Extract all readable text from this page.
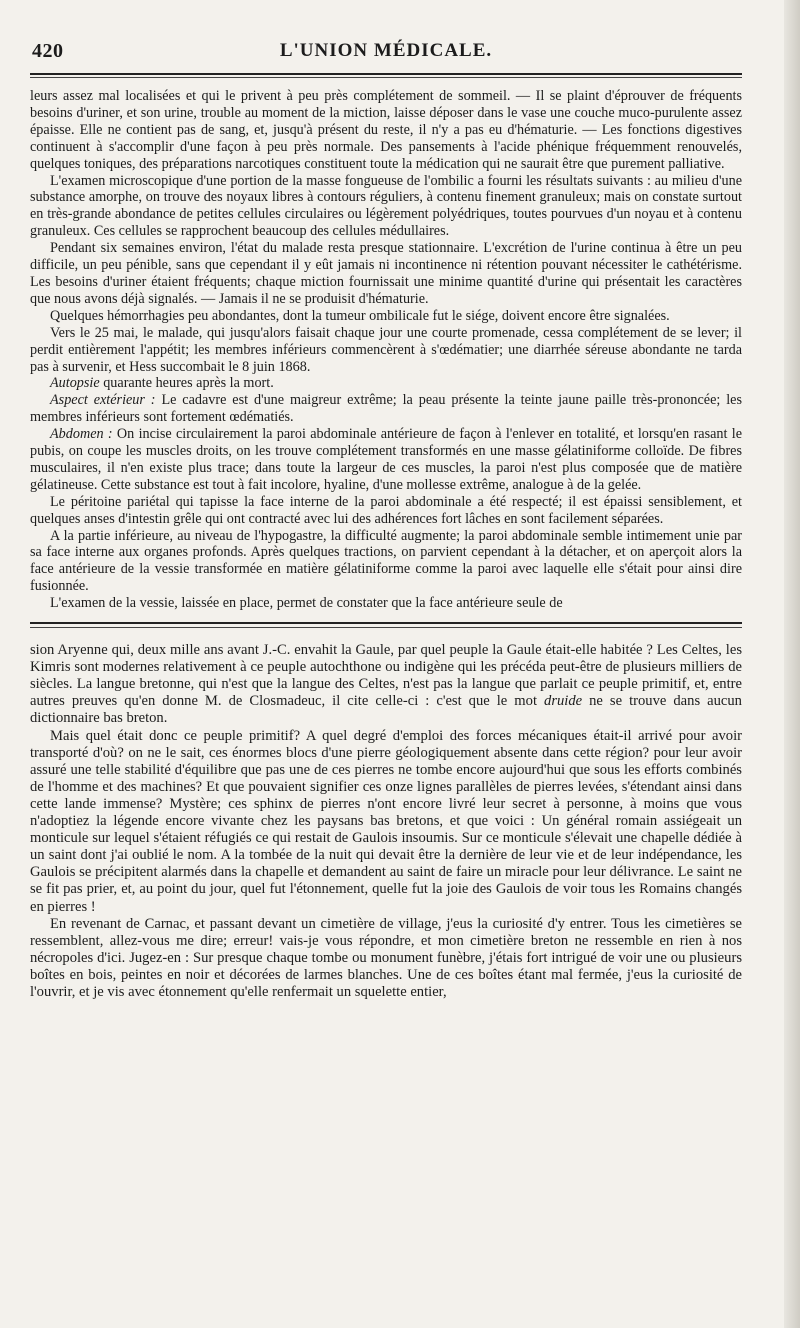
420	L'UNION MÉDICALE.

leurs assez mal localisées et qui le privent à peu près complétement de sommeil. — Il se plaint d'éprouver de fréquents besoins d'uriner, et son urine, trouble au moment de la miction, laisse déposer dans le vase une couche muco-purulente assez épaisse. Elle ne contient pas de sang, et, jusqu'à présent du reste, il n'y a pas eu d'hématurie. — Les fonctions digestives continuent à s'accomplir d'une façon à peu près normale. Des pansements à l'acide phénique fréquemment renouvelés, quelques toniques, des préparations narcotiques constituent toute la médication qui ne saurait être que purement palliative.

L'examen microscopique d'une portion de la masse fongueuse de l'ombilic a fourni les résultats suivants : au milieu d'une substance amorphe, on trouve des noyaux libres à contours réguliers, à contenu finement granuleux; mais on constate surtout en très-grande abondance de petites cellules circulaires ou légèrement polyédriques, toutes pourvues d'un noyau et à contenu granuleux. Ces cellules se rapprochent beaucoup des cellules médullaires.

Pendant six semaines environ, l'état du malade resta presque stationnaire. L'excrétion de l'urine continua à être un peu difficile, un peu pénible, sans que cependant il y eût jamais ni incontinence ni rétention pouvant nécessiter le cathétérisme. Les besoins d'uriner étaient fréquents; chaque miction fournissait une minime quantité d'urine qui présentait les caractères que nous avons déjà signalés. — Jamais il ne se produisit d'hématurie.

Quelques hémorrhagies peu abondantes, dont la tumeur ombilicale fut le siége, doivent encore être signalées.

Vers le 25 mai, le malade, qui jusqu'alors faisait chaque jour une courte promenade, cessa complétement de se lever; il perdit entièrement l'appétit; les membres inférieurs commencèrent à s'œdématier; une diarrhée séreuse abondante ne tarda pas à survenir, et Hess succombait le 8 juin 1868.

Autopsie quarante heures après la mort.

Aspect extérieur : Le cadavre est d'une maigreur extrême; la peau présente la teinte jaune paille très-prononcée; les membres inférieurs sont fortement œdématiés.

Abdomen : On incise circulairement la paroi abdominale antérieure de façon à l'enlever en totalité, et lorsqu'en rasant le pubis, on coupe les muscles droits, on les trouve complétement transformés en une masse gélatiniforme colloïde. De fibres musculaires, il n'en existe plus trace; dans toute la largeur de ces muscles, la paroi n'est plus composée que de matière gélatineuse. Cette substance est tout à fait incolore, hyaline, d'une mollesse extrême, analogue à de la gelée.

Le péritoine pariétal qui tapisse la face interne de la paroi abdominale a été respecté; il est épaissi sensiblement, et quelques anses d'intestin grêle qui ont contracté avec lui des adhérences fort lâches en sont facilement séparées.

A la partie inférieure, au niveau de l'hypogastre, la difficulté augmente; la paroi abdominale semble intimement unie par sa face interne aux organes profonds. Après quelques tractions, on parvient cependant à la détacher, et on aperçoit alors la face antérieure de la vessie transformée en matière gélatiniforme comme la paroi avec laquelle elle s'était pour ainsi dire fusionnée.

L'examen de la vessie, laissée en place, permet de constater que la face antérieure seule de

sion Aryenne qui, deux mille ans avant J.-C. envahit la Gaule, par quel peuple la Gaule était-elle habitée ? Les Celtes, les Kimris sont modernes relativement à ce peuple autochthone ou indigène qui les précéda peut-être de plusieurs milliers de siècles. La langue bretonne, qui n'est que la langue des Celtes, n'est pas la langue que parlait ce peuple primitif, et, entre autres preuves qu'en donne M. de Closmadeuc, il cite celle-ci : c'est que le mot druide ne se trouve dans aucun dictionnaire bas breton.

Mais quel était donc ce peuple primitif? A quel degré d'emploi des forces mécaniques était-il arrivé pour avoir transporté d'où? on ne le sait, ces énormes blocs d'une pierre géologiquement absente dans cette région? pour leur avoir assuré une telle stabilité d'équilibre que pas une de ces pierres ne tombe encore aujourd'hui que sous les efforts combinés de l'homme et des machines? Et que pouvaient signifier ces onze lignes parallèles de pierres levées, s'étendant ainsi dans cette lande immense? Mystère; ces sphinx de pierres n'ont encore livré leur secret à personne, à moins que vous n'adoptiez la légende encore vivante chez les paysans bas bretons, et que voici : Un général romain assiégeait un monticule sur lequel s'étaient réfugiés ce qui restait de Gaulois insoumis. Sur ce monticule s'élevait une chapelle dédiée à un saint dont j'ai oublié le nom. A la tombée de la nuit qui devait être la dernière de leur vie et de leur indépendance, les Gaulois se précipitent alarmés dans la chapelle et demandent au saint de faire un miracle pour leur délivrance. Le saint ne se fit pas prier, et, au point du jour, quel fut l'étonnement, quelle fut la joie des Gaulois de voir tous les Romains changés en pierres !

En revenant de Carnac, et passant devant un cimetière de village, j'eus la curiosité d'y entrer. Tous les cimetières se ressemblent, allez-vous me dire; erreur! vais-je vous répondre, et mon cimetière breton ne ressemble en rien à nos nécropoles d'ici. Jugez-en : Sur presque chaque tombe ou monument funèbre, j'étais fort intrigué de voir une ou plusieurs boîtes en bois, peintes en noir et décorées de larmes blanches. Une de ces boîtes étant mal fermée, j'eus la curiosité de l'ouvrir, et je vis avec étonnement qu'elle renfermait un squelette entier,
